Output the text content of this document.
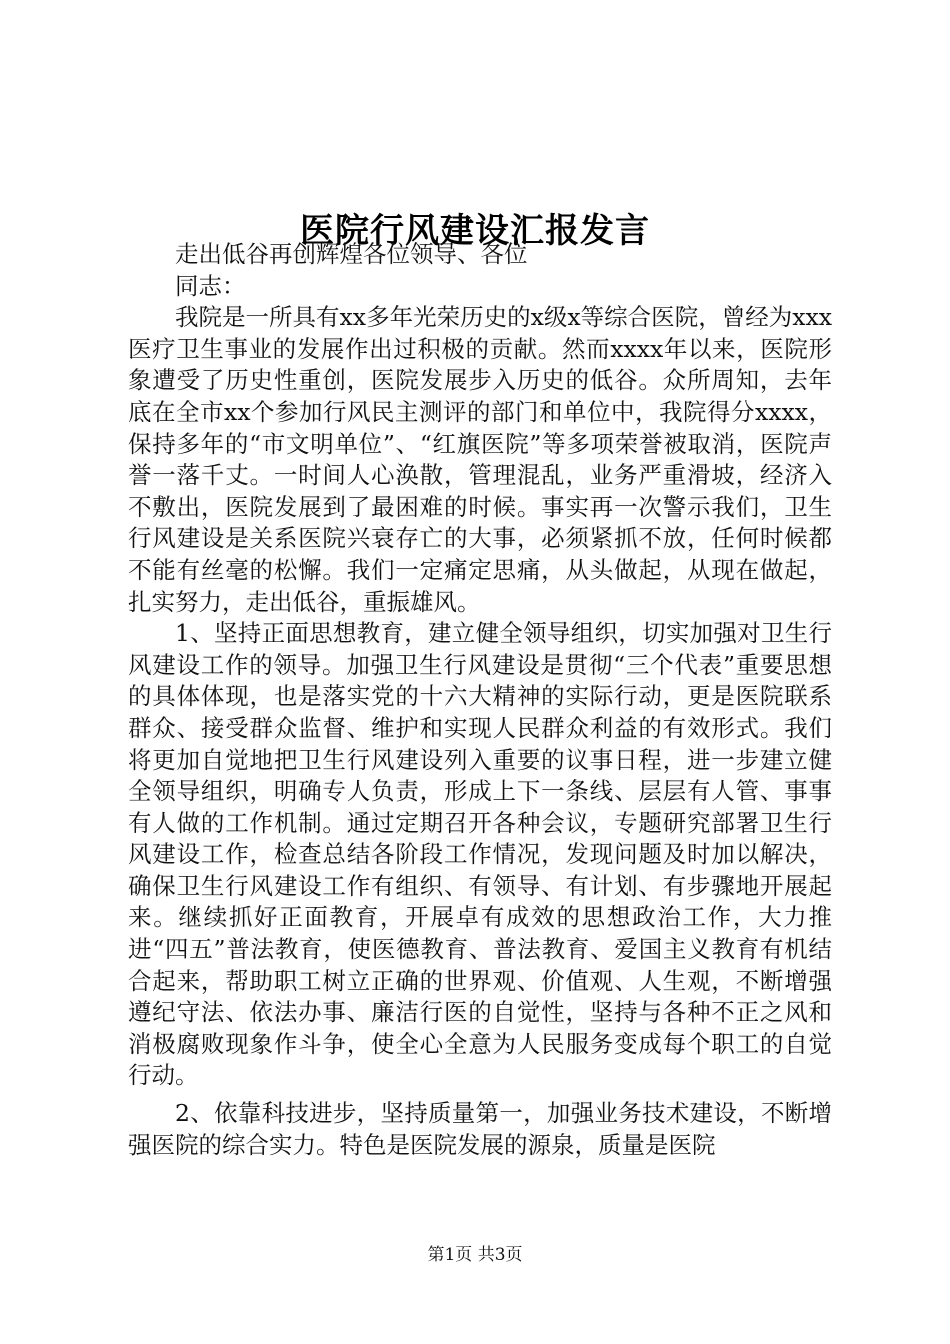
医院行风建设汇报发言

走出低谷再创辉煌各位领导、各位

同志：

我院是一所具有xx多年光荣历史的x级x等综合医院，曾经为xxx医疗卫生事业的发展作出过积极的贡献。然而xxxx年以来，医院形象遭受了历史性重创，医院发展步入历史的低谷。众所周知，去年底在全市xx个参加行风民主测评的部门和单位中，我院得分xxxx，保持多年的“市文明单位”、“红旗医院”等多项荣誉被取消，医院声誉一落千丈。一时间人心涣散，管理混乱，业务严重滑坡，经济入不敷出，医院发展到了最困难的时候。事实再一次警示我们，卫生行风建设是关系医院兴衰存亡的大事，必须紧抓不放，任何时候都不能有丝毫的松懈。我们一定痛定思痛，从头做起，从现在做起，扎实努力，走出低谷，重振雄风。

1、坚持正面思想教育，建立健全领导组织，切实加强对卫生行风建设工作的领导。加强卫生行风建设是贯彻“三个代表”重要思想的具体体现，也是落实党的十六大精神的实际行动，更是医院联系群众、接受群众监督、维护和实现人民群众利益的有效形式。我们将更加自觉地把卫生行风建设列入重要的议事日程，进一步建立健全领导组织，明确专人负责，形成上下一条线、层层有人管、事事有人做的工作机制。通过定期召开各种会议，专题研究部署卫生行风建设工作，检查总结各阶段工作情况，发现问题及时加以解决，确保卫生行风建设工作有组织、有领导、有计划、有步骤地开展起来。继续抓好正面教育，开展卓有成效的思想政治工作，大力推进“四五”普法教育，使医德教育、普法教育、爱国主义教育有机结合起来，帮助职工树立正确的世界观、价值观、人生观，不断增强遵纪守法、依法办事、廉洁行医的自觉性，坚持与各种不正之风和消极腐败现象作斗争，使全心全意为人民服务变成每个职工的自觉行动。

2、依靠科技进步，坚持质量第一，加强业务技术建设，不断增强医院的综合实力。特色是医院发展的源泉，质量是医院

第1页 共3页
